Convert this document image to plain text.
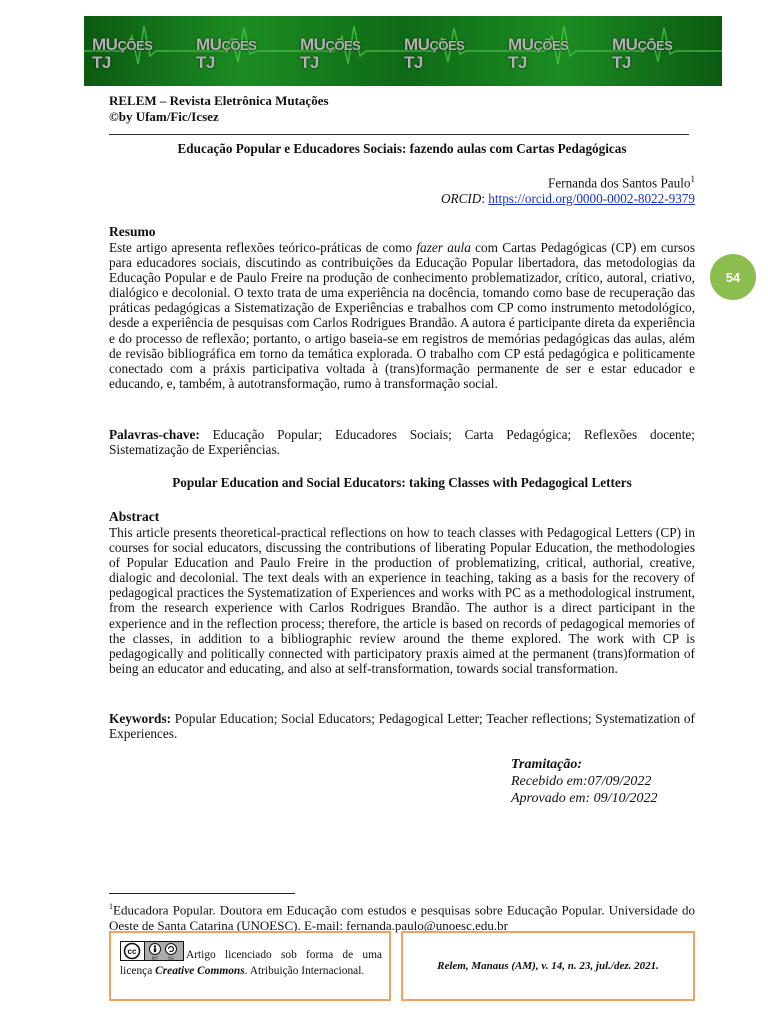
MUÇÕES
TJ
MUÇÕES
TJ
MUÇÕES
TJ
MUÇÕES
TJ
MUÇÕES
TJ
MUÇÕES
TJ
54
RELEM – Revista Eletrônica Mutações
©by Ufam/Fic/Icsez
Educação Popular e Educadores Sociais: fazendo aulas com Cartas Pedagógicas
Fernanda dos Santos Paulo$^1$
ORCID: https://orcid.org/0000-0002-8022-9379
Resumo

Este artigo apresenta reflexões teórico-práticas de como fazer aula com Cartas Pedagógicas (CP) em cursos para educadores sociais, discutindo as contribuições da Educação Popular libertadora, das metodologias da Educação Popular e de Paulo Freire na produção de conhecimento problematizador, crítico, autoral, criativo, dialógico e decolonial. O texto trata de uma experiência na docência, tomando como base de recuperação das práticas pedagógicas a Sistematização de Experiências e trabalhos com CP como instrumento metodológico, desde a experiência de pesquisas com Carlos Rodrigues Brandão. A autora é participante direta da experiência e do processo de reflexão; portanto, o artigo baseia-se em registros de memórias pedagógicas das aulas, além de revisão bibliográfica em torno da temática explorada. O trabalho com CP está pedagógica e politicamente conectado com a práxis participativa voltada à (trans)formação permanente de ser e estar educador e educando, e, também, à autotransformação, rumo à transformação social.

Palavras-chave: Educação Popular; Educadores Sociais; Carta Pedagógica; Reflexões docente; Sistematização de Experiências.

Popular Education and Social Educators: taking Classes with Pedagogical Letters
Abstract

This article presents theoretical-practical reflections on how to teach classes with Pedagogical Letters (CP) in courses for social educators, discussing the contributions of liberating Popular Education, the methodologies of Popular Education and Paulo Freire in the production of problematizing, critical, authorial, creative, dialogic and decolonial. The text deals with an experience in teaching, taking as a basis for the recovery of pedagogical practices the Systematization of Experiences and works with PC as a methodological instrument, from the research experience with Carlos Rodrigues Brandão. The author is a direct participant in the experience and in the reflection process; therefore, the article is based on records of pedagogical memories of the classes, in addition to a bibliographic review around the theme explored. The work with CP is pedagogically and politically connected with participatory praxis aimed at the permanent (trans)formation of being an educator and educating, and also at self-transformation, towards social transformation.

Keywords: Popular Education; Social Educators; Pedagogical Letter; Teacher reflections; Systematization of Experiences.

Tramitação:
Recebido em:07/09/2022
Aprovado em: 09/10/2022
$^1$Educadora Popular. Doutora em Educação com estudos e pesquisas sobre Educação Popular. Universidade do Oeste de Santa Catarina (UNOESC). E-mail: fernanda.paulo@unoesc.edu.br
Relem, Manaus (AM), v. 14, n. 23, jul./dez. 2021.
cc
BY SA	Artigo licenciado sob forma de uma licença Creative Commons. Atribuição Internacional.
